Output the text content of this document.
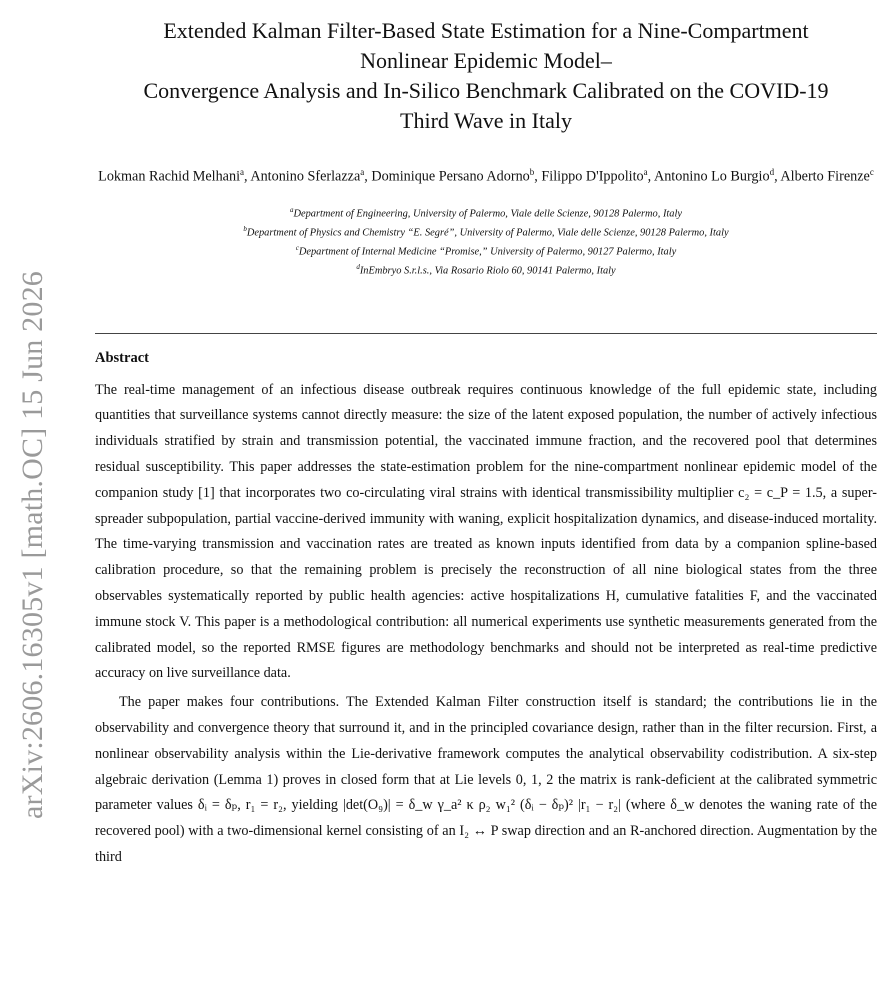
arXiv:2606.16305v1 [math.OC] 15 Jun 2026
Extended Kalman Filter-Based State Estimation for a Nine-Compartment
Nonlinear Epidemic Model–
Convergence Analysis and In-Silico Benchmark Calibrated on the COVID-19
Third Wave in Italy
Lokman Rachid Melhani$^a$, Antonino Sferlazza$^a$, Dominique Persano Adorno$^b$, Filippo D'Ippolito$^a$, Antonino Lo Burgio$^d$, Alberto Firenze$^c$
$^a$Department of Engineering, University of Palermo, Viale delle Scienze, 90128 Palermo, Italy
$^b$Department of Physics and Chemistry “E. Segré”, University of Palermo, Viale delle Scienze, 90128 Palermo, Italy
$^c$Department of Internal Medicine “Promise,” University of Palermo, 90127 Palermo, Italy
$^d$InEmbryo S.r.l.s., Via Rosario Riolo 60, 90141 Palermo, Italy
Abstract

The real-time management of an infectious disease outbreak requires continuous knowledge of the full epidemic state, including quantities that surveillance systems cannot directly measure: the size of the latent exposed population, the number of actively infectious individuals stratified by strain and transmission potential, the vaccinated immune fraction, and the recovered pool that determines residual susceptibility. This paper addresses the state-estimation problem for the nine-compartment nonlinear epidemic model of the companion study [1] that incorporates two co-circulating viral strains with identical transmissibility multiplier c₂ = c_P = 1.5, a super-spreader subpopulation, partial vaccine-derived immunity with waning, explicit hospitalization dynamics, and disease-induced mortality. The time-varying transmission and vaccination rates are treated as known inputs identified from data by a companion spline-based calibration procedure, so that the remaining problem is precisely the reconstruction of all nine biological states from the three observables systematically reported by public health agencies: active hospitalizations H, cumulative fatalities F, and the vaccinated immune stock V. This paper is a methodological contribution: all numerical experiments use synthetic measurements generated from the calibrated model, so the reported RMSE figures are methodology benchmarks and should not be interpreted as real-time predictive accuracy on live surveillance data.

The paper makes four contributions. The Extended Kalman Filter construction itself is standard; the contributions lie in the observability and convergence theory that surround it, and in the principled covariance design, rather than in the filter recursion. First, a nonlinear observability analysis within the Lie-derivative framework computes the analytical observability codistribution. A six-step algebraic derivation (Lemma 1) proves in closed form that at Lie levels 0, 1, 2 the matrix is rank-deficient at the calibrated symmetric parameter values δᵢ = δₚ, r₁ = r₂, yielding |det(O₉)| = δ_w γ_a² κ ρ₂ w₁² (δᵢ − δₚ)² |r₁ − r₂| (where δ_w denotes the waning rate of the recovered pool) with a two-dimensional kernel consisting of an I₂ ↔ P swap direction and an R-anchored direction. Augmentation by the third
